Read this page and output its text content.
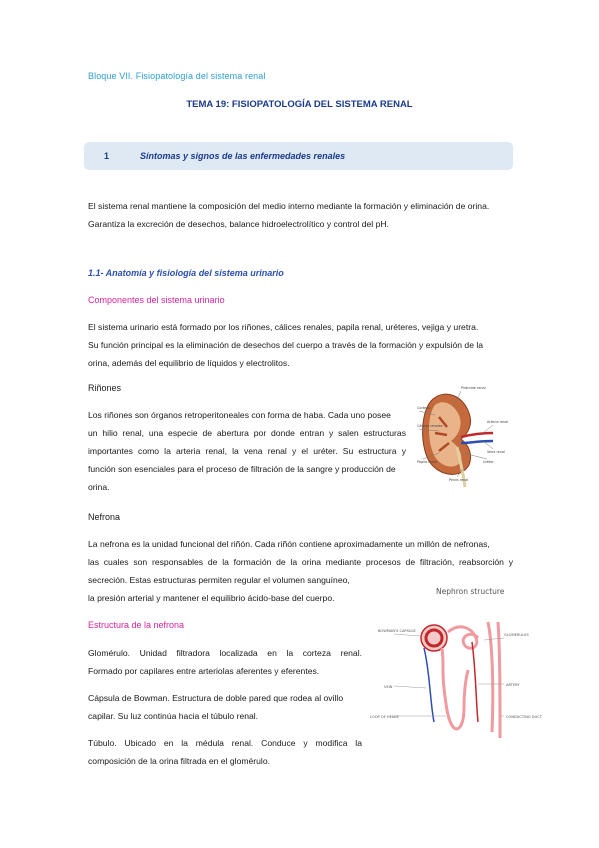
Bloque VII. Fisiopatología del sistema renal
TEMA 19: FISIOPATOLOGÍA DEL SISTEMA RENAL
1	Síntomas y signos de las enfermedades renales
El sistema renal mantiene la composición del medio interno mediante la formación y eliminación de orina.
Garantiza la excreción de desechos, balance hidroelectrolítico y control del pH.
1.1- Anatomía y fisiología del sistema urinario
Componentes del sistema urinario
El sistema urinario está formado por los riñones, cálices renales, papila renal, uréteres, vejiga y uretra.
Su función principal es la eliminación de desechos del cuerpo a través de la formación y expulsión de la
orina, además del equilibrio de líquidos y electrolitos.
Riñones
Los riñones son órganos retroperitoneales con forma de haba. Cada uno posee
un hilio renal, una especie de abertura por donde entran y salen estructuras
importantes como la arteria renal, la vena renal y el uréter. Su estructura y
función son esenciales para el proceso de filtración de la sangre y producción de
orina.
Pirámide renal
Corteza
Cálices renales
Arteria renal
Vena renal
Papila renal	Uréter
Pelvis renal
Nefrona
La nefrona es la unidad funcional del riñón. Cada riñón contiene aproximadamente un millón de nefronas,
las cuales son responsables de la formación de la orina mediante procesos de filtración, reabsorción y
secreción. Estas estructuras permiten regular el volumen sanguíneo,
la presión arterial y mantener el equilibrio ácido-base del cuerpo.
Estructura de la nefrona
Glomérulo. Unidad filtradora localizada en la corteza renal.
Formado por capilares entre arteriolas aferentes y eferentes.
Cápsula de Bowman. Estructura de doble pared que rodea al ovillo
capilar. Su luz continúa hacia el túbulo renal.
Túbulo. Ubicado en la médula renal. Conduce y modifica la
composición de la orina filtrada en el glomérulo.
Nephron structure
BOWMAN'S CAPSULE
GLOMERULUS
ARTERY
VEIN
LOOP OF HENLE	CONDUCTING DUCT
